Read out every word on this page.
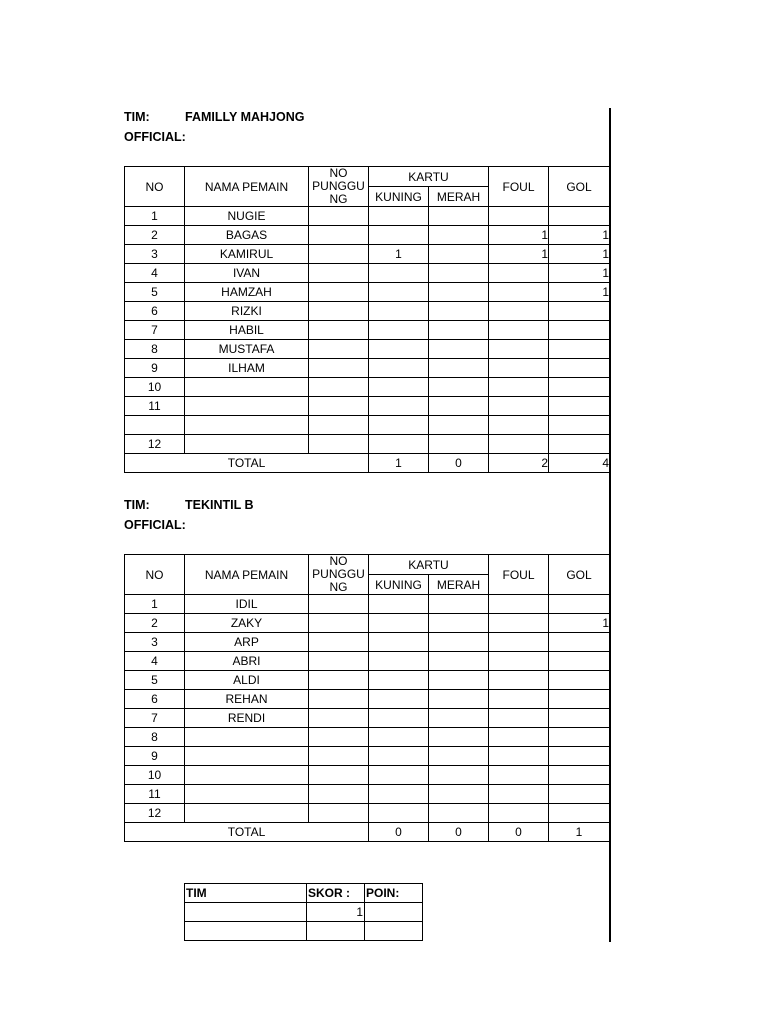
TIM:	FAMILLY MAHJONG
OFFICIAL:
NO	NAMA PEMAIN	NO PUNGGU NG	KARTU		FOUL	GOL
			KUNING	MERAH		
1	NUGIE					
2	BAGAS				1	1
3	KAMIRUL		1		1	1
4	IVAN					1
5	HAMZAH					1
6	RIZKI					
7	HABIL					
8	MUSTAFA					
9	ILHAM					
10						
11						

12						
TOTAL			1	0	2	4
TIM:	TEKINTIL B
OFFICIAL:
NO	NAMA PEMAIN	NO PUNGGU NG	KARTU		FOUL	GOL
			KUNING	MERAH		
1	IDIL					
2	ZAKY					1
3	ARP					
4	ABRI					
5	ALDI					
6	REHAN					
7	RENDI					
8						
9						
10						
11						
12						
TOTAL			0	0	0	1
TIM	SKOR :	POIN:
	1	
